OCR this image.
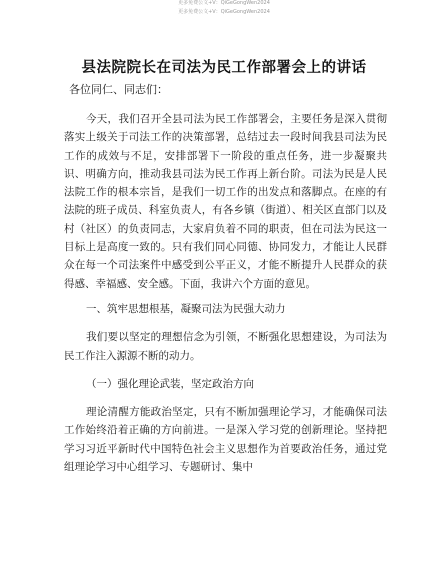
更多免费公文+V：QiGeGongWen2024
更多免费公文+V：QiGeGongWen2024
县法院院长在司法为民工作部署会上的讲话
各位同仁、同志们：

今天，我们召开全县司法为民工作部署会，主要任务是深入贯彻落实上级关于司法工作的决策部署，总结过去一段时间我县司法为民工作的成效与不足，安排部署下一阶段的重点任务，进一步凝聚共识、明确方向，推动我县司法为民工作再上新台阶。司法为民是人民法院工作的根本宗旨，是我们一切工作的出发点和落脚点。在座的有法院的班子成员、科室负责人，有各乡镇（街道）、相关区直部门以及村（社区）的负责同志，大家肩负着不同的职责，但在司法为民这一目标上是高度一致的。只有我们同心同德、协同发力，才能让人民群众在每一个司法案件中感受到公平正义，才能不断提升人民群众的获得感、幸福感、安全感。下面，我讲六个方面的意见。

一、筑牢思想根基，凝聚司法为民强大动力

我们要以坚定的理想信念为引领，不断强化思想建设，为司法为民工作注入源源不断的动力。

（一）强化理论武装，坚定政治方向

理论清醒方能政治坚定，只有不断加强理论学习，才能确保司法工作始终沿着正确的方向前进。一是深入学习党的创新理论。坚持把学习习近平新时代中国特色社会主义思想作为首要政治任务，通过党组理论学习中心组学习、专题研讨、集中
